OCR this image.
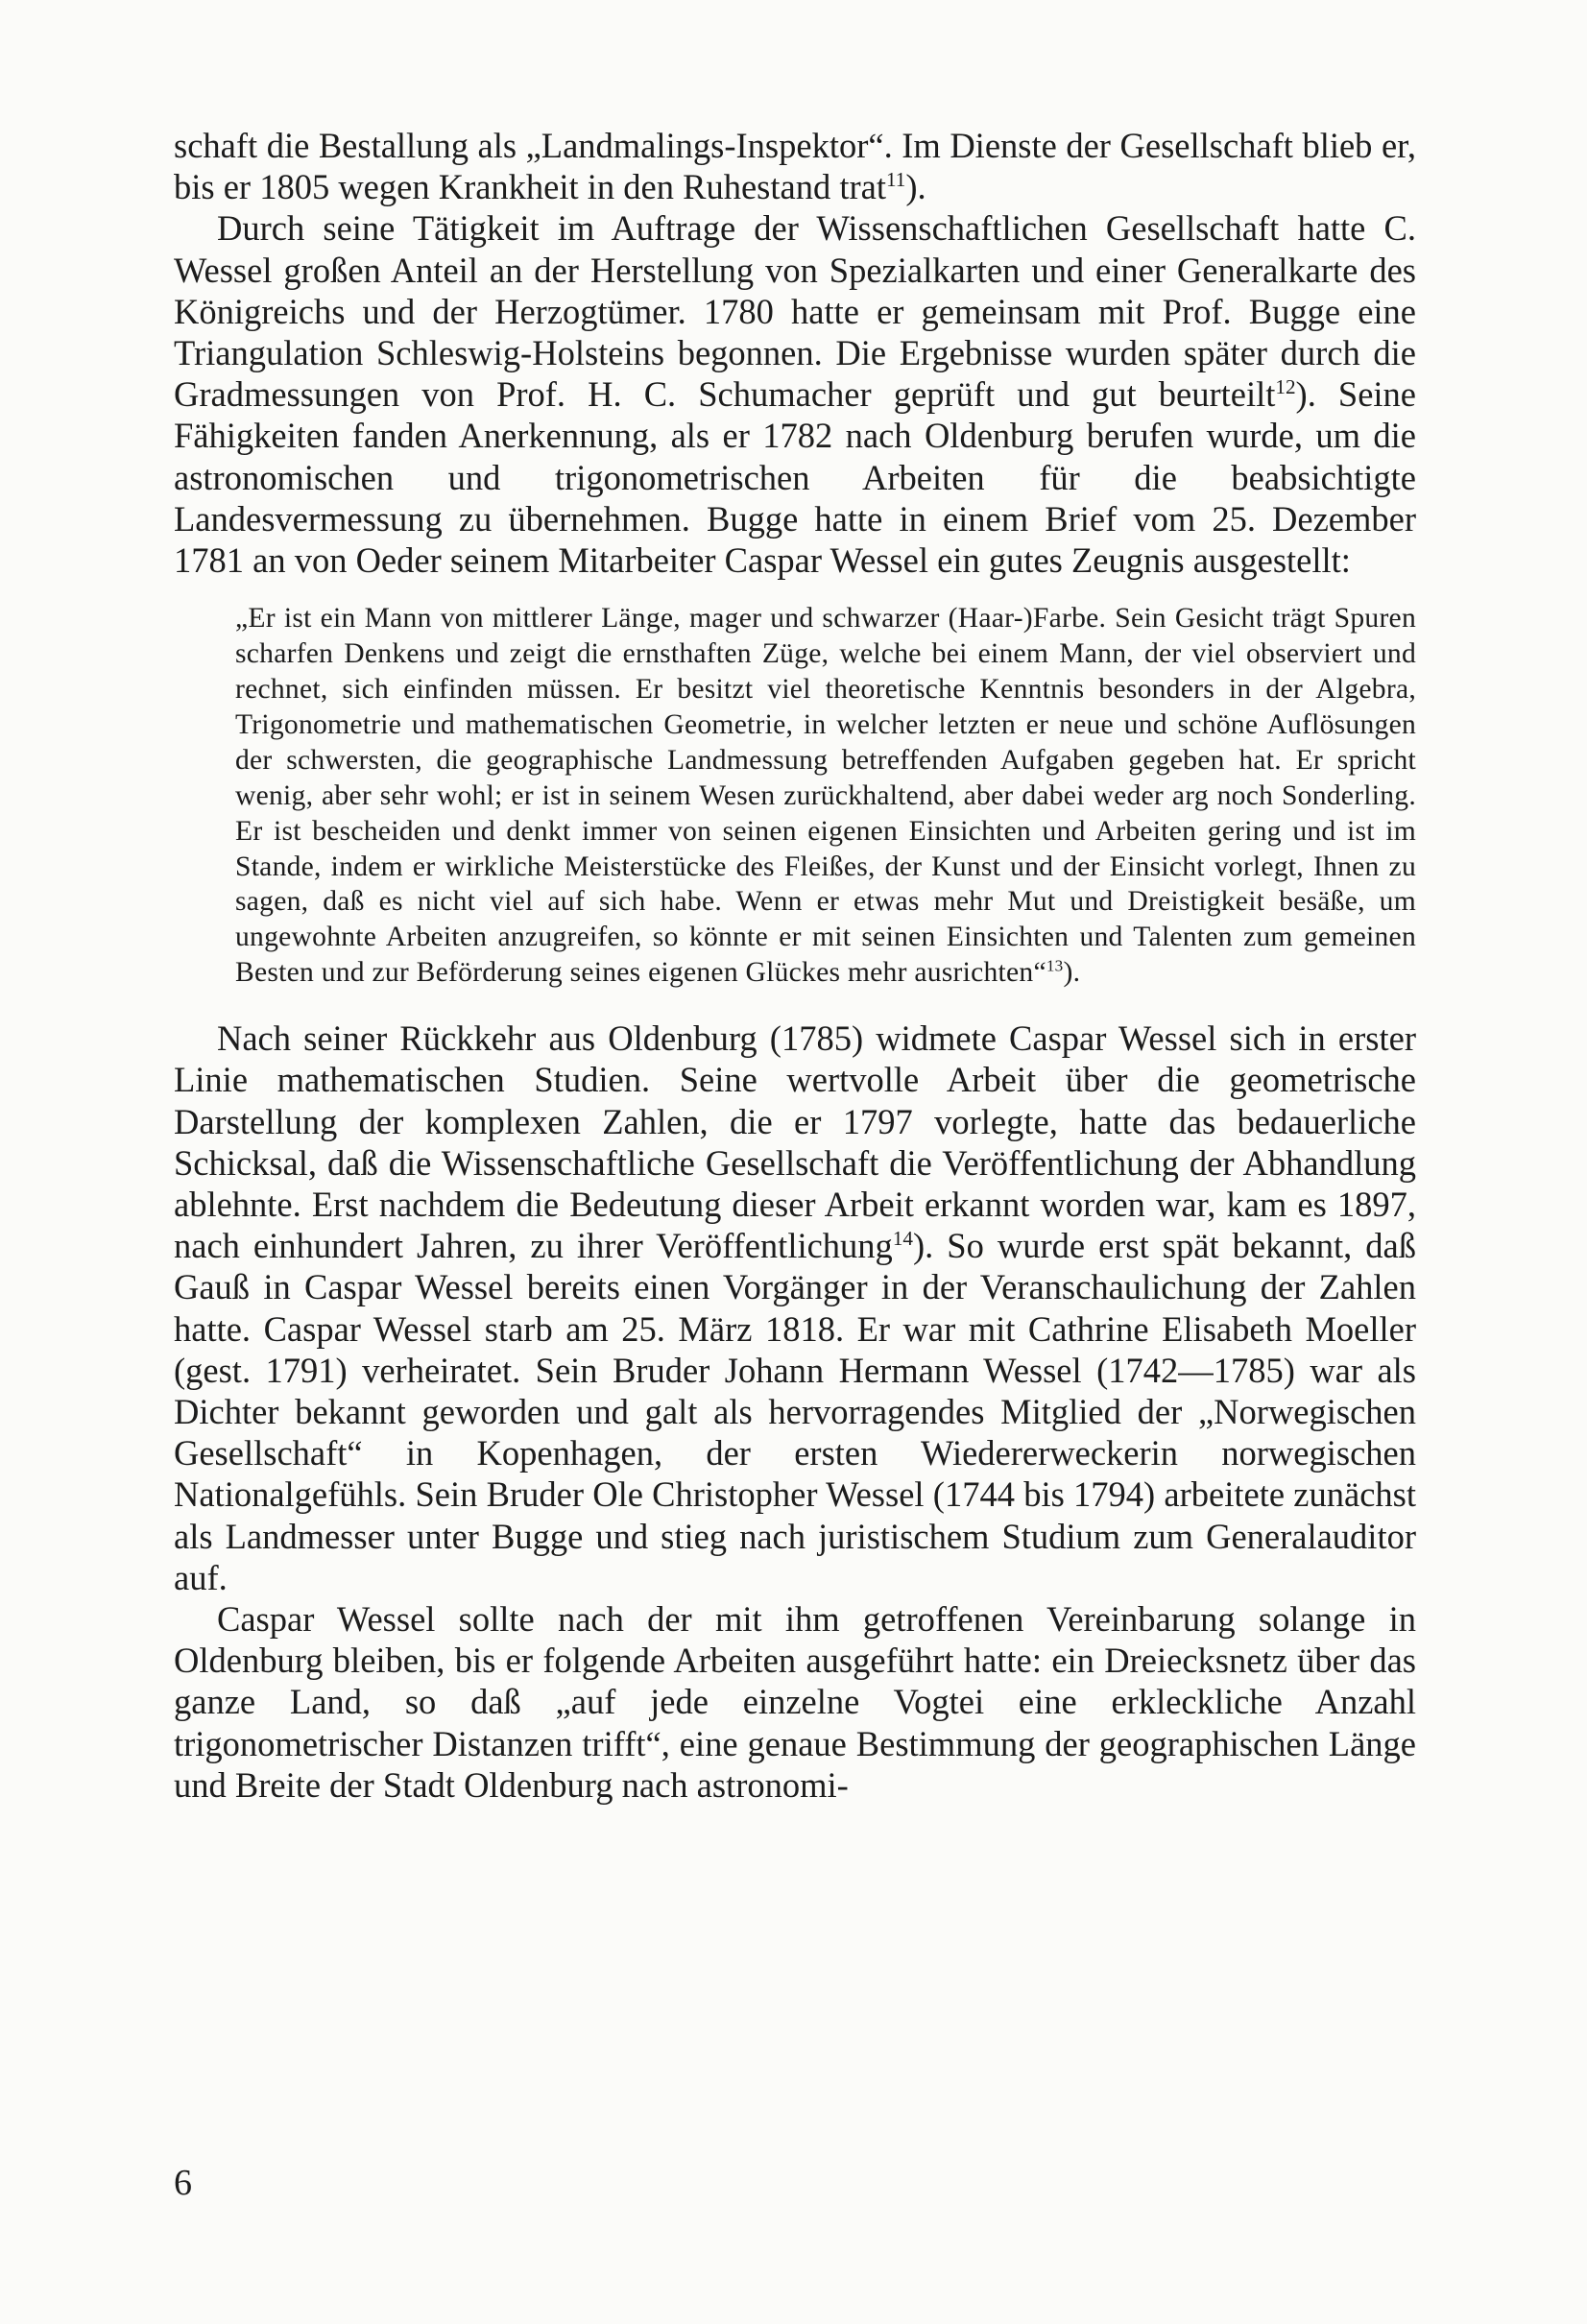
schaft die Bestallung als „Landmalings-Inspektor“. Im Dienste der Gesellschaft blieb er, bis er 1805 wegen Krankheit in den Ruhestand trat$^{11}$).

Durch seine Tätigkeit im Auftrage der Wissenschaftlichen Gesellschaft hatte C. Wessel großen Anteil an der Herstellung von Spezialkarten und einer Generalkarte des Königreichs und der Herzogtümer. 1780 hatte er gemeinsam mit Prof. Bugge eine Triangulation Schleswig-Holsteins begonnen. Die Ergebnisse wurden später durch die Gradmessungen von Prof. H. C. Schumacher geprüft und gut beurteilt$^{12}$). Seine Fähigkeiten fanden Anerkennung, als er 1782 nach Oldenburg berufen wurde, um die astronomischen und trigonometrischen Arbeiten für die beabsichtigte Landesvermessung zu übernehmen. Bugge hatte in einem Brief vom 25. Dezember 1781 an von Oeder seinem Mitarbeiter Caspar Wessel ein gutes Zeugnis ausgestellt:

„Er ist ein Mann von mittlerer Länge, mager und schwarzer (Haar-)Farbe. Sein Gesicht trägt Spuren scharfen Denkens und zeigt die ernsthaften Züge, welche bei einem Mann, der viel observiert und rechnet, sich einfinden müssen. Er besitzt viel theoretische Kenntnis besonders in der Algebra, Trigonometrie und mathematischen Geometrie, in welcher letzten er neue und schöne Auflösungen der schwersten, die geographische Landmessung betreffenden Aufgaben gegeben hat. Er spricht wenig, aber sehr wohl; er ist in seinem Wesen zurückhaltend, aber dabei weder arg noch Sonderling. Er ist bescheiden und denkt immer von seinen eigenen Einsichten und Arbeiten gering und ist im Stande, indem er wirkliche Meisterstücke des Fleißes, der Kunst und der Einsicht vorlegt, Ihnen zu sagen, daß es nicht viel auf sich habe. Wenn er etwas mehr Mut und Dreistigkeit besäße, um ungewohnte Arbeiten anzugreifen, so könnte er mit seinen Einsichten und Talenten zum gemeinen Besten und zur Beförderung seines eigenen Glückes mehr ausrichten“$^{13}$).

Nach seiner Rückkehr aus Oldenburg (1785) widmete Caspar Wessel sich in erster Linie mathematischen Studien. Seine wertvolle Arbeit über die geometrische Darstellung der komplexen Zahlen, die er 1797 vorlegte, hatte das bedauerliche Schicksal, daß die Wissenschaftliche Gesellschaft die Veröffentlichung der Abhandlung ablehnte. Erst nachdem die Bedeutung dieser Arbeit erkannt worden war, kam es 1897, nach einhundert Jahren, zu ihrer Veröffentlichung$^{14}$). So wurde erst spät bekannt, daß Gauß in Caspar Wessel bereits einen Vorgänger in der Veranschaulichung der Zahlen hatte. Caspar Wessel starb am 25. März 1818. Er war mit Cathrine Elisabeth Moeller (gest. 1791) verheiratet. Sein Bruder Johann Hermann Wessel (1742—1785) war als Dichter bekannt geworden und galt als hervorragendes Mitglied der „Norwegischen Gesellschaft“ in Kopenhagen, der ersten Wiedererweckerin norwegischen Nationalgefühls. Sein Bruder Ole Christopher Wessel (1744 bis 1794) arbeitete zunächst als Landmesser unter Bugge und stieg nach juristischem Studium zum Generalauditor auf.

Caspar Wessel sollte nach der mit ihm getroffenen Vereinbarung solange in Oldenburg bleiben, bis er folgende Arbeiten ausgeführt hatte: ein Dreiecksnetz über das ganze Land, so daß „auf jede einzelne Vogtei eine erkleckliche Anzahl trigonometrischer Distanzen trifft“, eine genaue Bestimmung der geographischen Länge und Breite der Stadt Oldenburg nach astronomi-

6
